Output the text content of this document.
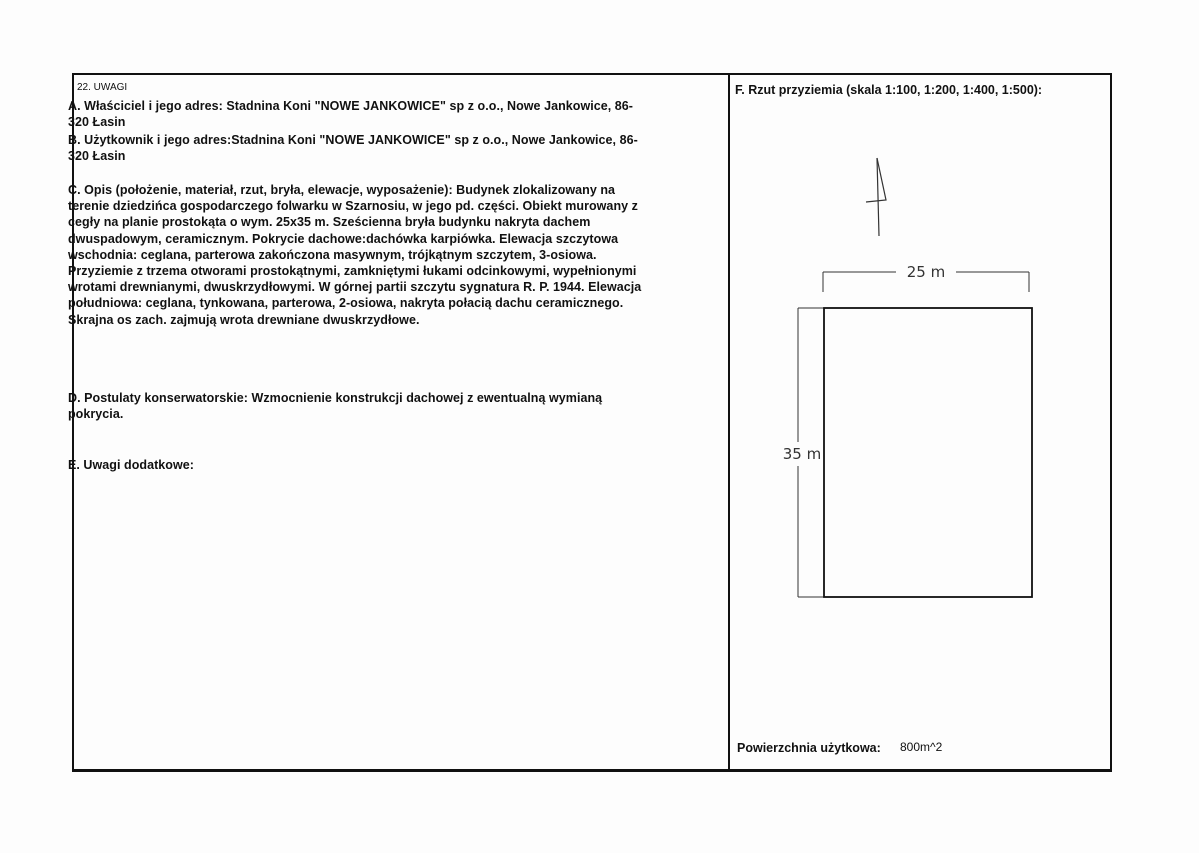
22. UWAGI

A. Właściciel i jego adres: Stadnina Koni "NOWE JANKOWICE" sp z o.o., Nowe Jankowice, 86-
320 Łasin

B. Użytkownik i jego adres:Stadnina Koni "NOWE JANKOWICE" sp z o.o., Nowe Jankowice, 86-
320 Łasin

C. Opis (położenie, materiał, rzut, bryła, elewacje, wyposażenie): Budynek zlokalizowany na
terenie dziedzińca gospodarczego folwarku w Szarnosiu, w jego pd. części. Obiekt murowany z
cegły na planie prostokąta o wym. 25x35 m. Sześcienna bryła budynku nakryta dachem
dwuspadowym, ceramicznym. Pokrycie dachowe:dachówka karpiówka. Elewacja szczytowa
wschodnia: ceglana, parterowa zakończona masywnym, trójkątnym szczytem, 3-osiowa.
Przyziemie z trzema otworami prostokątnymi, zamkniętymi łukami odcinkowymi, wypełnionymi
wrotami drewnianymi, dwuskrzydłowymi. W górnej partii szczytu sygnatura R. P. 1944. Elewacja
południowa: ceglana, tynkowana, parterowa, 2-osiowa, nakryta połacią dachu ceramicznego.
Skrajna os zach. zajmują wrota drewniane dwuskrzydłowe.

D. Postulaty konserwatorskie: Wzmocnienie konstrukcji dachowej z ewentualną wymianą
pokrycia.

E. Uwagi dodatkowe:

F. Rzut przyziemia (skala 1:100, 1:200, 1:400, 1:500):
25 m
35 m
Powierzchnia użytkowa: 800m^2
